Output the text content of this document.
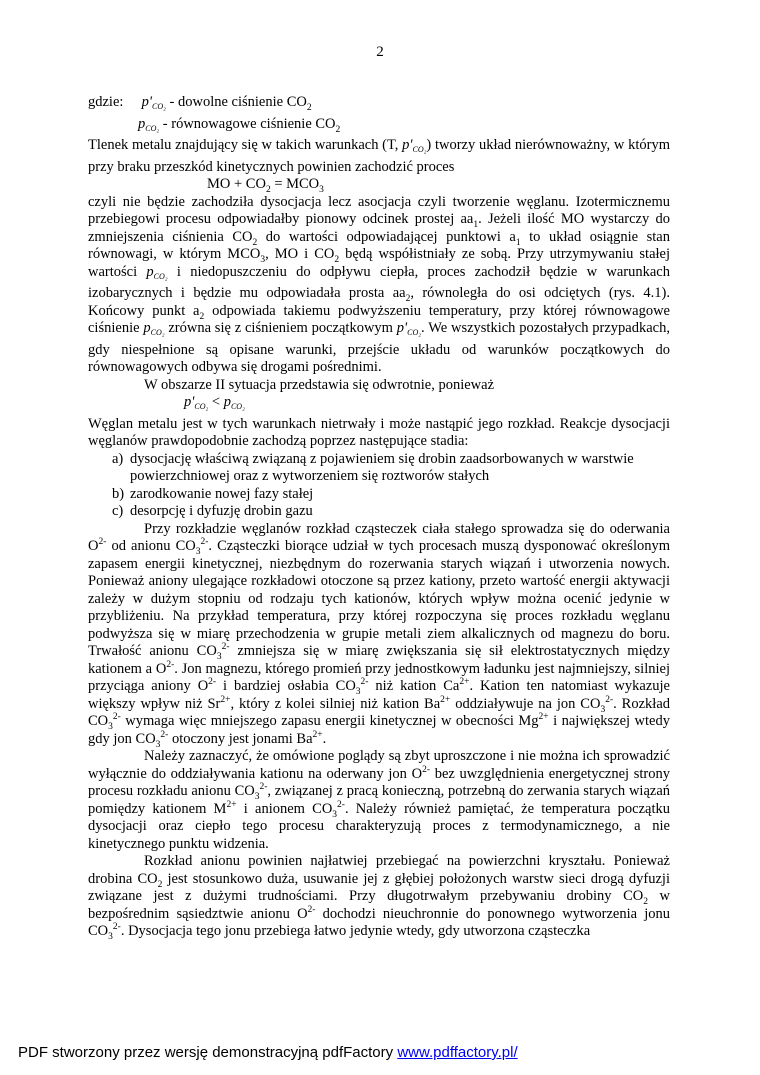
2
gdzie: $p'_{CO_2}$ - dowolne ciśnienie $CO_2$
$p_{CO_2}$ - równowagowe ciśnienie $CO_2$

Tlenek metalu znajdujący się w takich warunkach (T, $p'_{CO_2}$) tworzy układ nierównoważny, w którym przy braku przeszkód kinetycznych powinien zachodzić proces

MO + $CO_2 = MCO_3$

czyli nie będzie zachodziła dysocjacja lecz asocjacja czyli tworzenie węglanu. Izotermicznemu przebiegowi procesu odpowiadałby pionowy odcinek prostej $aa_1$. Jeżeli ilość MO wystarczy do zmniejszenia ciśnienia $CO_2$ do wartości odpowiadającej punktowi $a_1$ to układ osiągnie stan równowagi, w którym $MCO_3$, MO i $CO_2$ będą współistniały ze sobą. Przy utrzymywaniu stałej wartości $p_{CO_2}$ i niedopuszczeniu do odpływu ciepła, proces zachodził będzie w warunkach izobarycznych i będzie mu odpowiadała prosta $aa_2$, równoległa do osi odciętych (rys. 4.1). Końcowy punkt $a_2$ odpowiada takiemu podwyższeniu temperatury, przy której równowagowe ciśnienie $p_{CO_2}$ zrówna się z ciśnieniem początkowym $p'_{CO_2}$. We wszystkich pozostałych przypadkach, gdy niespełnione są opisane warunki, przejście układu od warunków początkowych do równowagowych odbywa się drogami pośrednimi.

W obszarze II sytuacja przedstawia się odwrotnie, ponieważ

$p'_{CO_2} < p_{CO_2}$

Węglan metalu jest w tych warunkach nietrwały i może nastąpić jego rozkład. Reakcje dysocjacji węglanów prawdopodobnie zachodzą poprzez następujące stadia:

a) dysocjację właściwą związaną z pojawieniem się drobin zaadsorbowanych w warstwie powierzchniowej oraz z wytworzeniem się roztworów stałych
b) zarodkowanie nowej fazy stałej
c) desorpcję i dyfuzję drobin gazu

Przy rozkładzie węglanów rozkład cząsteczek ciała stałego sprowadza się do oderwania $O^{2-}$ od anionu $CO_3^{2-}$. Cząsteczki biorące udział w tych procesach muszą dysponować określonym zapasem energii kinetycznej, niezbędnym do rozerwania starych wiązań i utworzenia nowych. Ponieważ aniony ulegające rozkładowi otoczone są przez kationy, przeto wartość energii aktywacji zależy w dużym stopniu od rodzaju tych kationów, których wpływ można ocenić jedynie w przybliżeniu. Na przykład temperatura, przy której rozpoczyna się proces rozkładu węglanu podwyższa się w miarę przechodzenia w grupie metali ziem alkalicznych od magnezu do boru. Trwałość anionu $CO_3^{2-}$ zmniejsza się w miarę zwiększania się sił elektrostatycznych między kationem a $O^{2-}$. Jon magnezu, którego promień przy jednostkowym ładunku jest najmniejszy, silniej przyciąga aniony $O^{2-}$ i bardziej osłabia $CO_3^{2-}$ niż kation $Ca^{2+}$. Kation ten natomiast wykazuje większy wpływ niż $Sr^{2+}$, który z kolei silniej niż kation $Ba^{2+}$ oddziaływuje na jon $CO_3^{2-}$. Rozkład $CO_3^{2-}$ wymaga więc mniejszego zapasu energii kinetycznej w obecności $Mg^{2+}$ i największej wtedy gdy jon $CO_3^{2-}$ otoczony jest jonami $Ba^{2+}$.

Należy zaznaczyć, że omówione poglądy są zbyt uproszczone i nie można ich sprowadzić wyłącznie do oddziaływania kationu na oderwany jon $O^{2-}$ bez uwzględnienia energetycznej strony procesu rozkładu anionu $CO_3^{2-}$, związanej z pracą konieczną, potrzebną do zerwania starych wiązań pomiędzy kationem $M^{2+}$ i anionem $CO_3^{2-}$. Należy również pamiętać, że temperatura początku dysocjacji oraz ciepło tego procesu charakteryzują proces z termodynamicznego, a nie kinetycznego punktu widzenia.

Rozkład anionu powinien najłatwiej przebiegać na powierzchni kryształu. Ponieważ drobina $CO_2$ jest stosunkowo duża, usuwanie jej z głębiej położonych warstw sieci drogą dyfuzji związane jest z dużymi trudnościami. Przy długotrwałym przebywaniu drobiny $CO_2$ w bezpośrednim sąsiedztwie anionu $O^{2-}$ dochodzi nieuchronnie do ponownego wytworzenia jonu $CO_3^{2-}$. Dysocjacja tego jonu przebiega łatwo jedynie wtedy, gdy utworzona cząsteczka

PDF stworzony przez wersję demonstracyjną pdfFactory www.pdffactory.pl/
